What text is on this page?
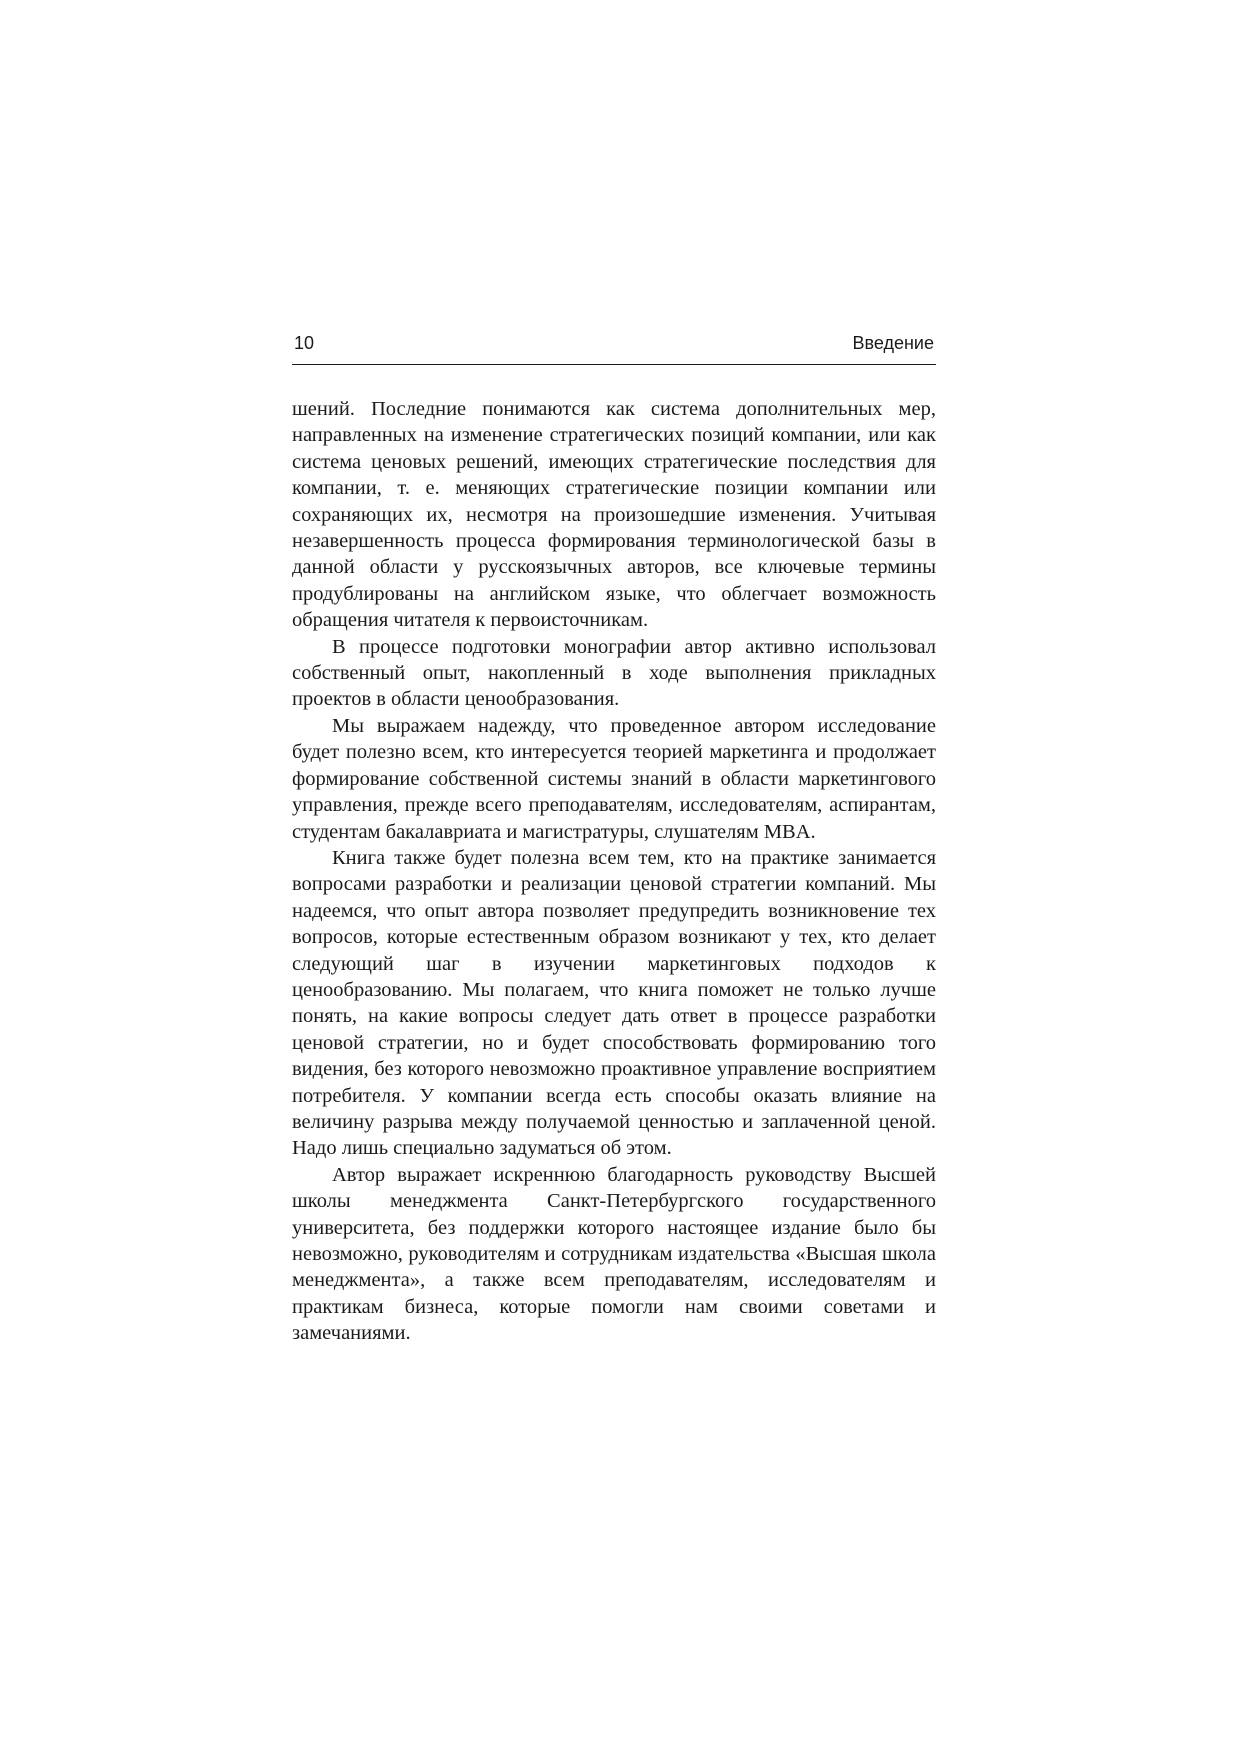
10	Введение

шений. Последние понимаются как система дополнительных мер, направленных на изменение стратегических позиций компании, или как система ценовых решений, имеющих стратегические последствия для компании, т. е. меняющих стратегические позиции компании или сохраняющих их, несмотря на произошедшие изменения. Учитывая незавершенность процесса формирования терминологической базы в данной области у русскоязычных авторов, все ключевые термины продублированы на английском языке, что облегчает возможность обращения читателя к первоисточникам.

В процессе подготовки монографии автор активно использовал собственный опыт, накопленный в ходе выполнения прикладных проектов в области ценообразования.

Мы выражаем надежду, что проведенное автором исследование будет полезно всем, кто интересуется теорией маркетинга и продолжает формирование собственной системы знаний в области маркетингового управления, прежде всего преподавателям, исследователям, аспирантам, студентам бакалавриата и магистратуры, слушателям MBA.

Книга также будет полезна всем тем, кто на практике занимается вопросами разработки и реализации ценовой стратегии компаний. Мы надеемся, что опыт автора позволяет предупредить возникновение тех вопросов, которые естественным образом возникают у тех, кто делает следующий шаг в изучении маркетинговых подходов к ценообразованию. Мы полагаем, что книга поможет не только лучше понять, на какие вопросы следует дать ответ в процессе разработки ценовой стратегии, но и будет способствовать формированию того видения, без которого невозможно проактивное управление восприятием потребителя. У компании всегда есть способы оказать влияние на величину разрыва между получаемой ценностью и заплаченной ценой. Надо лишь специально задуматься об этом.

Автор выражает искреннюю благодарность руководству Высшей школы менеджмента Санкт-Петербургского государственного университета, без поддержки которого настоящее издание было бы невозможно, руководителям и сотрудникам издательства «Высшая школа менеджмента», а также всем преподавателям, исследователям и практикам бизнеса, которые помогли нам своими советами и замечаниями.
